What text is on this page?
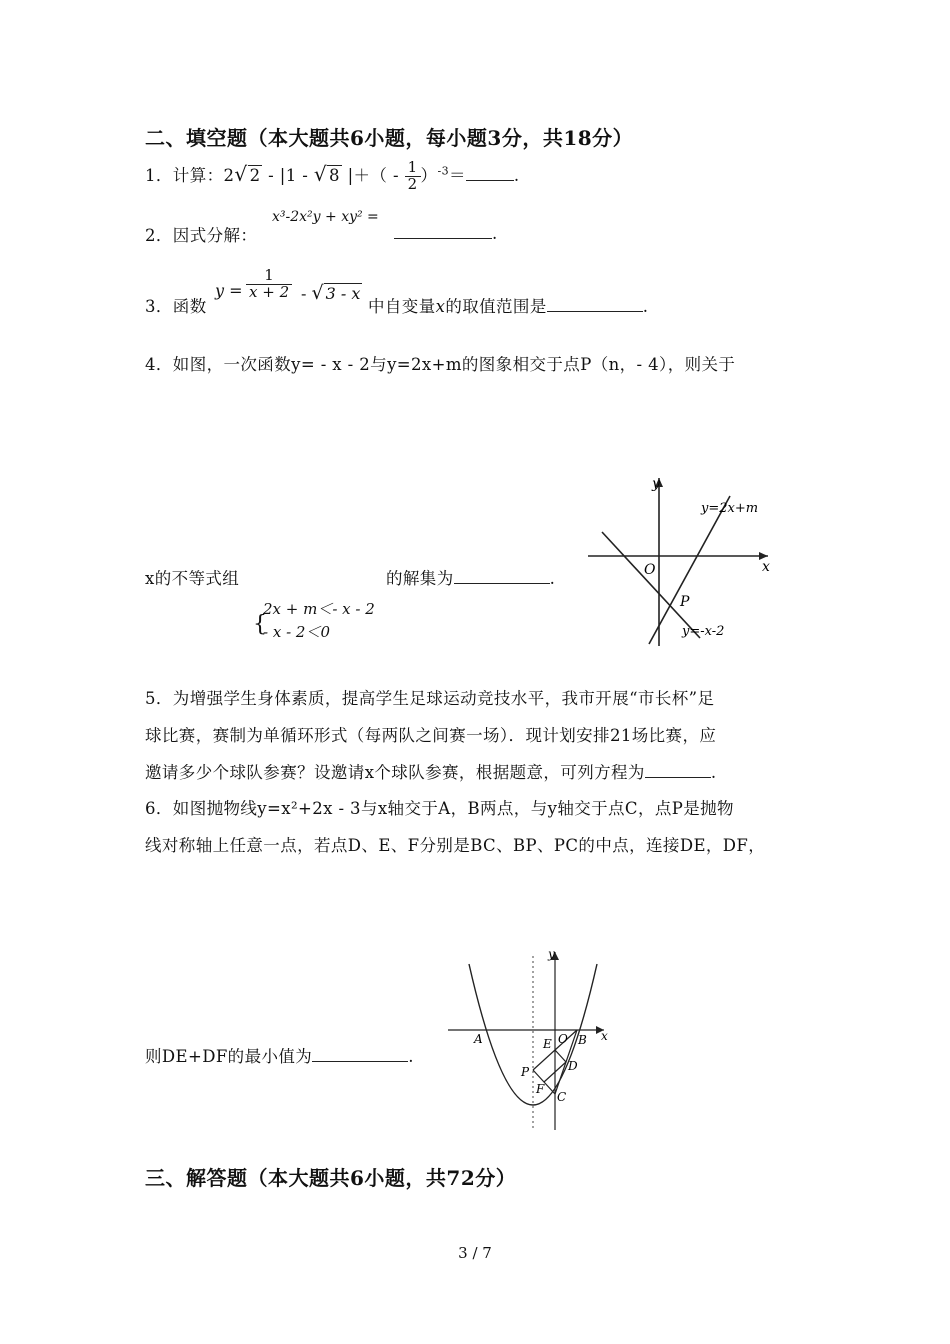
二、填空题（本大题共6小题，每小题3分，共18分）
1．计算：2√ 2 - |1 - √ 8 |＋（ - $\frac{1}{2} )^{-3}=$	.
2．因式分解：
x³-2x²y + xy² =
.
3．函数
$y = \frac{1}{x + 2}$ - √ 3 - x
中自变量x的取值范围是	.
4．如图，一次函数y= - x - 2与y=2x+m的图象相交于点P（n，- 4），则关于
x的不等式组	的解集为	.
{
2x + m＜- x - 2
- x - 2＜0
y
x
O
P
y=2x+m
y=-x-2
5．为增强学生身体素质，提高学生足球运动竞技水平，我市开展“市长杯”足
球比赛，赛制为单循环形式（每两队之间赛一场）．现计划安排21场比赛，应
邀请多少个球队参赛？设邀请x个球队参赛，根据题意，可列方程为	.
6．如图抛物线y=x²+2x - 3与x轴交于A，B两点，与y轴交于点C，点P是抛物
线对称轴上任意一点，若点D、E、F分别是BC、BP、PC的中点，连接DE，DF，
则DE+DF的最小值为	.
y
x
A	B
O
E
D
P
F
C
三、解答题（本大题共6小题，共72分）
3 / 7
